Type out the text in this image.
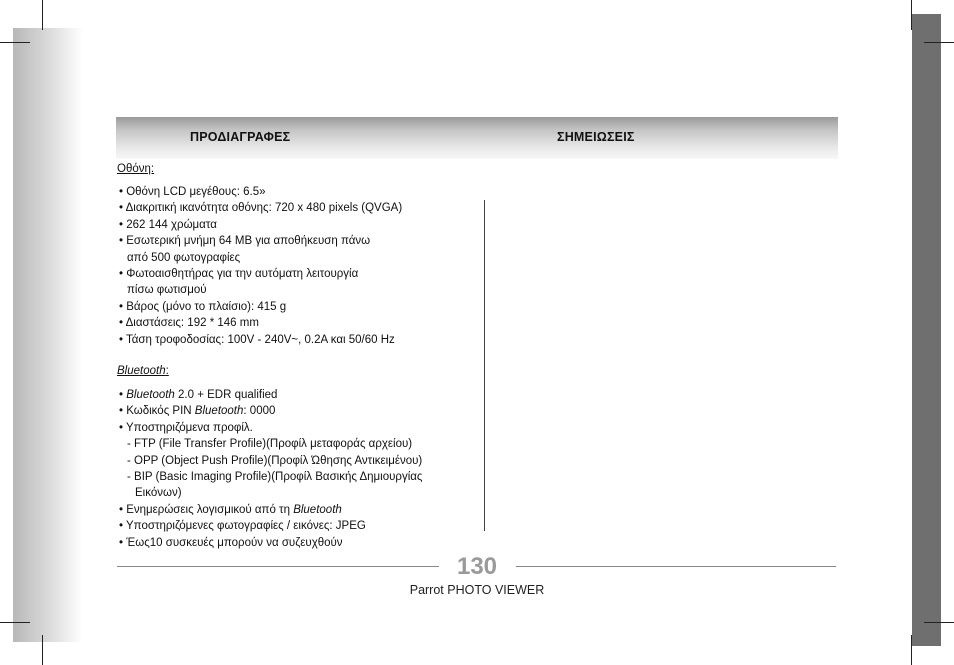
ΠΡΟΔΙΑΓΡΑΦΕΣ	ΣΗΜΕΙΩΣΕΙΣ
Οθόνη:
• Οθόνη LCD μεγέθους: 6.5»
• Διακριτική ικανότητα οθόνης: 720 x 480 pixels (QVGA)
• 262 144 χρώματα
• Εσωτερική μνήμη 64 MB για αποθήκευση πάνω
από 500 φωτογραφίες
• Φωτοαισθητήρας για την αυτόματη λειτουργία
πίσω φωτισμού
• Βάρος (μόνο το πλαίσιο): 415 g
• Διαστάσεις: 192 * 146 mm
• Τάση τροφοδοσίας: 100V - 240V~, 0.2A και 50/60 Hz
Bluetooth:
• Bluetooth 2.0 + EDR qualified
• Κωδικός PIN Bluetooth: 0000
• Υποστηριζόμενα προφίλ.
- FTP (File Transfer Profile)(Προφίλ μεταφοράς αρχείου)
- OPP (Object Push Profile)(Προφίλ Ώθησης Αντικειμένου)
- BIP (Basic Imaging Profile)(Προφίλ Βασικής Δημιουργίας
Εικόνων)
• Ενημερώσεις λογισμικού από τη Bluetooth
• Υποστηριζόμενες φωτογραφίες / εικόνες: JPEG
• Έως10 συσκευές μπορούν να συζευχθούν
130
Parrot PHOTO VIEWER
